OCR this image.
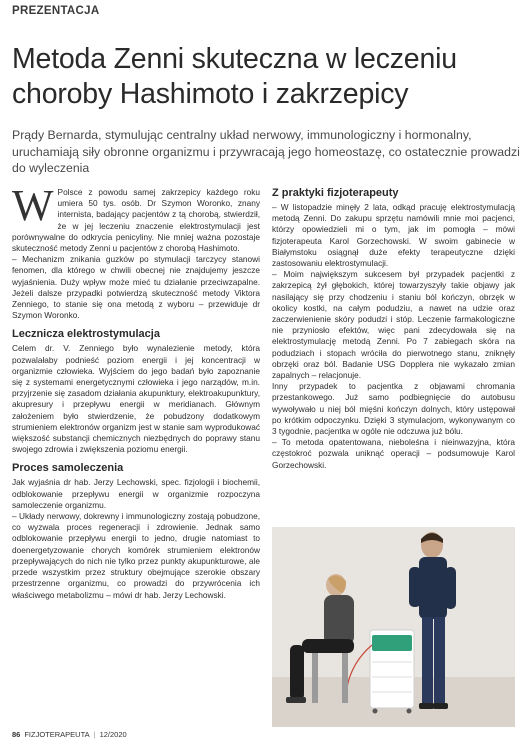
PREZENTACJA
Metoda Zenni skuteczna w leczeniu choroby Hashimoto i zakrzepicy

Prądy Bernarda, stymulując centralny układ nerwowy, immunologiczny i hormonalny, uruchamiają siły obronne organizmu i przywracają jego homeostazę, co ostatecznie prowadzi do wyleczenia

W Polsce z powodu samej zakrzepicy każdego roku umiera 50 tys. osób. Dr Szymon Woronko, znany internista, badający pacjentów z tą chorobą, stwierdził, że w jej leczeniu znaczenie elektrostymulacji jest porównywalne do odkrycia penicyliny. Nie mniej ważna pozostaje skuteczność metody Zenni u pacjentów z chorobą Hashimoto.

– Mechanizm znikania guzków po stymulacji tarczycy stanowi fenomen, dla którego w chwili obecnej nie znajdujemy jeszcze wyjaśnienia. Duży wpływ może mieć tu działanie przeciwzapalne. Jeżeli dalsze przypadki potwierdzą skuteczność metody Viktora Zenniego, to stanie się ona metodą z wyboru – przewiduje dr Szymon Woronko.

Lecznicza elektrostymulacja

Celem dr. V. Zenniego było wynalezienie metody, która pozwalałaby podnieść poziom energii i jej koncentracji w organizmie człowieka. Wyjściem do jego badań było zapoznanie się z systemami energetycznymi człowieka i jego narządów, m.in. przyjrzenie się zasadom działania akupunktury, elektroakupunktury, akupresury i przepływu energii w meridianach. Głównym założeniem było stwierdzenie, że pobudzony dodatkowym strumieniem elektronów organizm jest w stanie sam wyprodukować większość substancji chemicznych niezbędnych do poprawy stanu swojego zdrowia i zwiększenia poziomu energii.

Proces samoleczenia

Jak wyjaśnia dr hab. Jerzy Lechowski, spec. fizjologii i biochemii, odblokowanie przepływu energii w organizmie rozpoczyna samoleczenie organizmu.

– Układy nerwowy, dokrewny i immunologiczny zostają pobudzone, co wyzwala proces regeneracji i zdrowienie. Jednak samo odblokowanie przepływu energii to jedno, drugie natomiast to doenergetyzowanie chorych komórek strumieniem elektronów przepływających do nich nie tylko przez punkty akupunkturowe, ale przede wszystkim przez struktury obejmujące szerokie obszary przestrzenne organizmu, co prowadzi do przywrócenia ich właściwego metabolizmu – mówi dr hab. Jerzy Lechowski.

Z praktyki fizjoterapeuty

– W listopadzie minęły 2 lata, odkąd pracuję elektrostymulacją metodą Zenni. Do zakupu sprzętu namówili mnie moi pacjenci, którzy opowiedzieli mi o tym, jak im pomogła – mówi fizjoterapeuta Karol Gorzechowski. W swoim gabinecie w Białymstoku osiągnął duże efekty terapeutyczne dzięki zastosowaniu elektrostymulacji.

– Moim największym sukcesem był przypadek pacjentki z zakrzepicą żył głębokich, której towarzyszyły takie objawy jak nasilający się przy chodzeniu i staniu ból kończyn, obrzęk w okolicy kostki, na całym podudziu, a nawet na udzie oraz zaczerwienienie skóry podudzi i stóp. Leczenie farmakologiczne nie przyniosło efektów, więc pani zdecydowała się na elektrostymulację metodą Zenni. Po 7 zabiegach skóra na podudziach i stopach wróciła do pierwotnego stanu, zniknęły obrzęki oraz ból. Badanie USG Dopplera nie wykazało zmian zapalnych – relacjonuje.

Inny przypadek to pacjentka z objawami chromania przestankowego. Już samo podbiegnięcie do autobusu wywoływało u niej ból mięśni kończyn dolnych, który ustępował po krótkim odpoczynku. Dzięki 3 stymulacjom, wykonywanym co 3 tygodnie, pacjentka w ogóle nie odczuwa już bólu.

– To metoda opatentowana, nieboleśna i nieinwazyjna, która częstokroć pozwala uniknąć operacji – podsumowuje Karol Gorzechowski.

86 FIZJOTERAPEUTA | 12/2020
